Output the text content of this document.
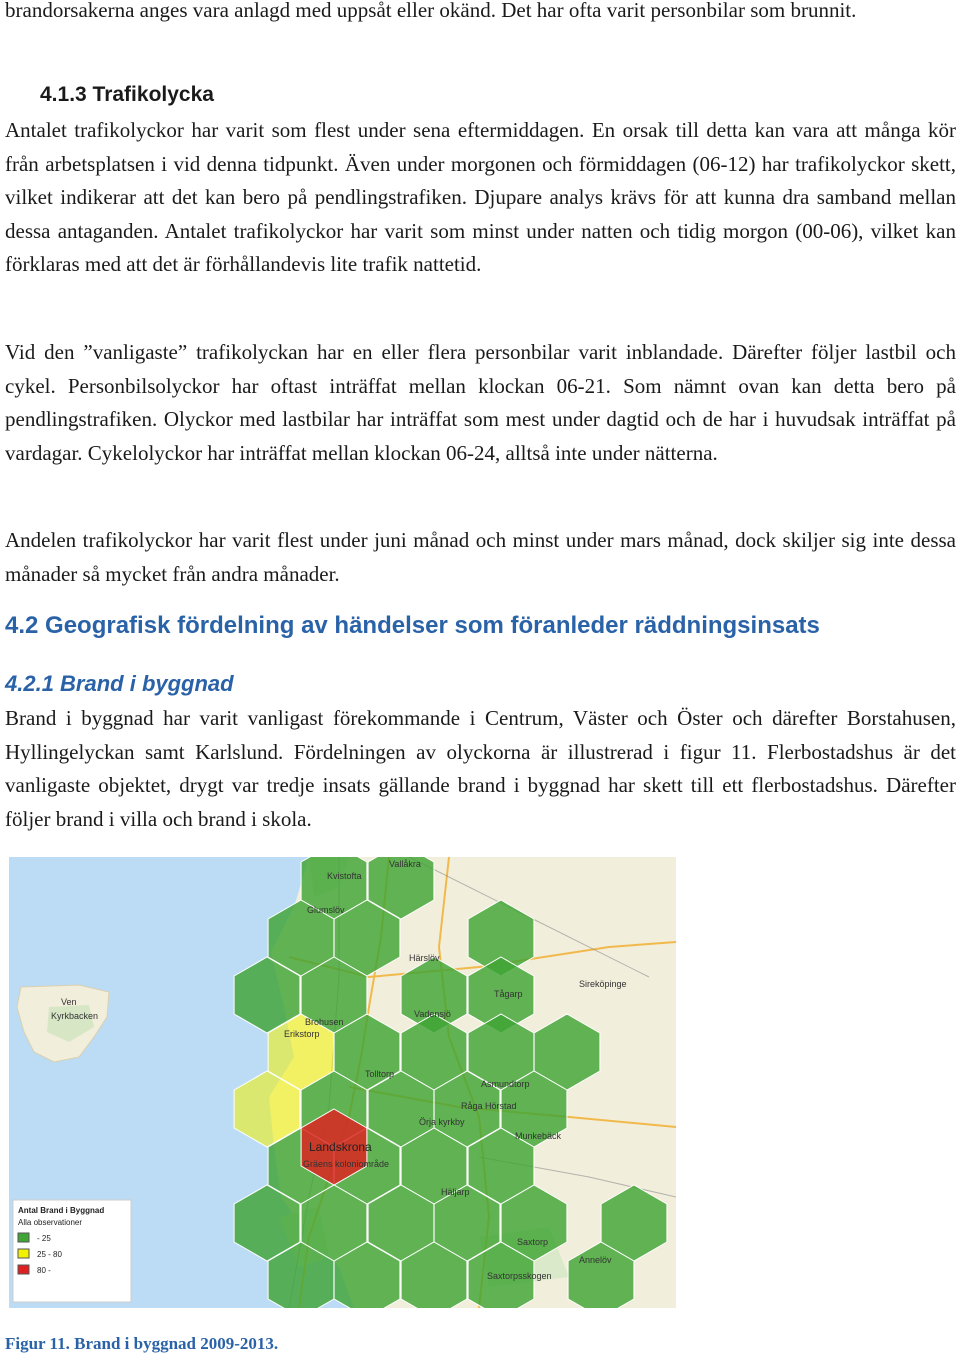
brandorsakerna anges vara anlagd med uppsåt eller okänd. Det har ofta varit personbilar som brunnit.

4.1.3 Trafikolycka

Antalet trafikolyckor har varit som flest under sena eftermiddagen. En orsak till detta kan vara att många kör från arbetsplatsen i vid denna tidpunkt. Även under morgonen och förmiddagen (06-12) har trafikolyckor skett, vilket indikerar att det kan bero på pendlingstrafiken. Djupare analys krävs för att kunna dra samband mellan dessa antaganden. Antalet trafikolyckor har varit som minst under natten och tidig morgon (00-06), vilket kan förklaras med att det är förhållandevis lite trafik nattetid.

Vid den ”vanligaste” trafikolyckan har en eller flera personbilar varit inblandade. Därefter följer lastbil och cykel. Personbilsolyckor har oftast inträffat mellan klockan 06-21. Som nämnt ovan kan detta bero på pendlingstrafiken. Olyckor med lastbilar har inträffat som mest under dagtid och de har i huvudsak inträffat på vardagar. Cykelolyckor har inträffat mellan klockan 06-24, alltså inte under nätterna.

Andelen trafikolyckor har varit flest under juni månad och minst under mars månad, dock skiljer sig inte dessa månader så mycket från andra månader.

4.2 Geografisk fördelning av händelser som föranleder räddningsinsats
4.2.1 Brand i byggnad

Brand i byggnad har varit vanligast förekommande i Centrum, Väster och Öster och därefter Borstahusen, Hyllingelyckan samt Karlslund. Fördelningen av olyckorna är illustrerad i figur 11. Flerbostadshus är det vanligaste objektet, drygt var tredje insats gällande brand i byggnad har skett till ett flerbostadshus. Därefter följer brand i villa och brand i skola.

Vallåkra
Kvistofta
Glumslöv
Härslöv
Tågarp
Sireköpinge
Ven
Kyrkbacken	Vadensjö
Brohusen
Erikstorp
Tolltorp
Asmundtorp
Råga Hörstad
Örja kyrkby
Landskrona
Gräens koloniområde
Munkebäck
Häljarp
Saxtorp
Annelöv
Saxtorpsskogen
Antal Brand i Byggnad
Alla observationer
- 25
25 - 80
80 -

Figur 11. Brand i byggnad 2009-2013.
